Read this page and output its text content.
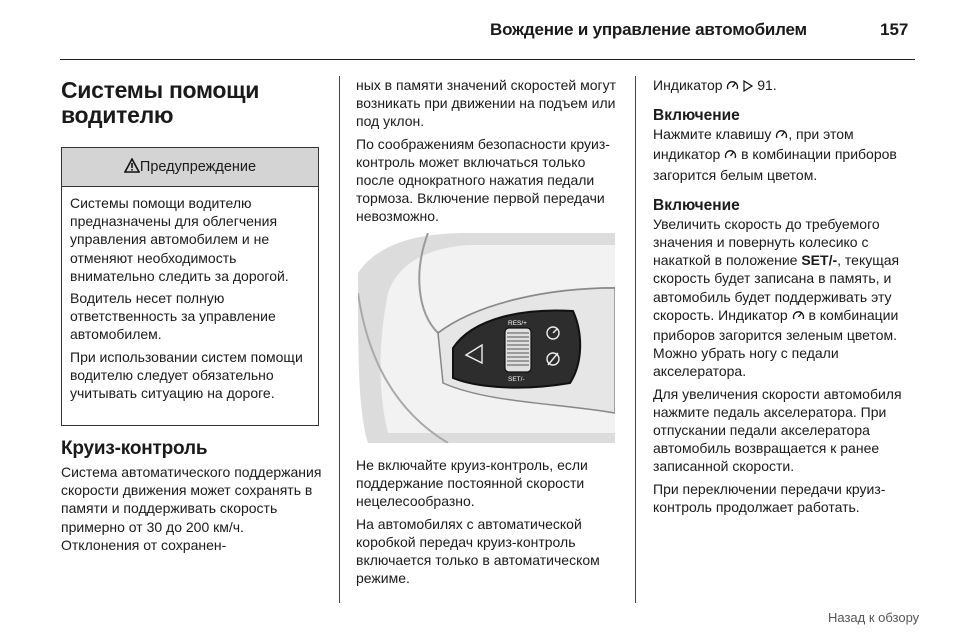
Вождение и управление автомобилем	157
Системы помощи водителю
Предупреждение

Системы помощи водителю предназначены для облегчения управления автомобилем и не отменяют необходимость внимательно следить за дорогой.

Водитель несет полную ответственность за управление автомобилем.

При использовании систем помощи водителю следует обязательно учитывать ситуацию на дороге.

Круиз-контроль

Система автоматического поддержания скорости движения может сохранять в памяти и поддерживать скорость примерно от 30 до 200 км/ч. Отклонения от сохранен-

ных в памяти значений скоростей могут возникать при движении на подъем или под уклон.

По соображениям безопасности круиз-контроль может включаться только после однократного нажатия педали тормоза. Включение первой передачи невозможно.

RES/+
SET/-

Не включайте круиз-контроль, если поддержание постоянной скорости нецелесообразно.

На автомобилях с автоматической коробкой передач круиз-контроль включается только в автоматическом режиме.

Индикатор 91.

Включение

Нажмите клавишу , при этом индикатор в комбинации приборов загорится белым цветом.

Включение

Увеличить скорость до требуемого значения и повернуть колесико с накаткой в положение SET/-, текущая скорость будет записана в память, и автомобиль будет поддерживать эту скорость. Индикатор в комбинации приборов загорится зеленым цветом. Можно убрать ногу с педали акселератора.

Для увеличения скорости автомобиля нажмите педаль акселератора. При отпускании педали акселератора автомобиль возвращается к ранее записанной скорости.

При переключении передачи круиз-контроль продолжает работать.

Назад к обзору
